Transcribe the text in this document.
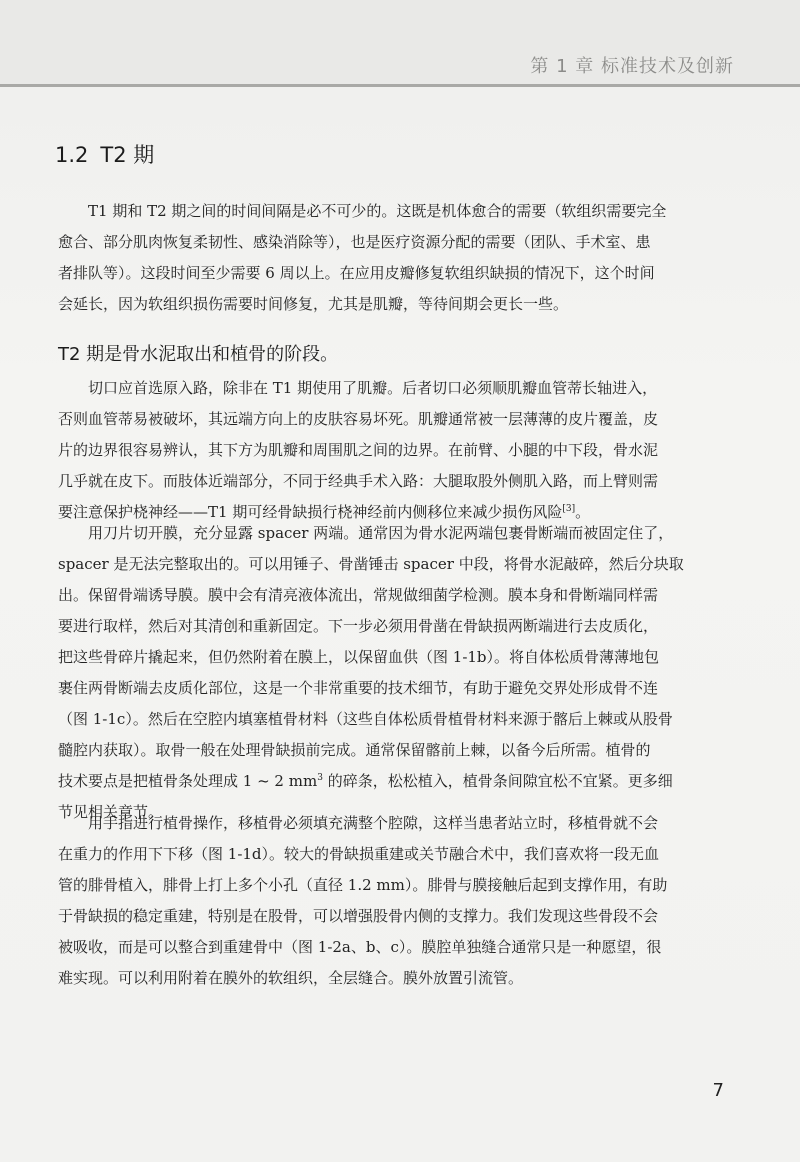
第 1 章 标准技术及创新
1.2 T2 期
T1 期和 T2 期之间的时间间隔是必不可少的。这既是机体愈合的需要（软组织需要完全
愈合、部分肌肉恢复柔韧性、感染消除等），也是医疗资源分配的需要（团队、手术室、患
者排队等）。这段时间至少需要 6 周以上。在应用皮瓣修复软组织缺损的情况下，这个时间
会延长，因为软组织损伤需要时间修复，尤其是肌瓣，等待间期会更长一些。
T2 期是骨水泥取出和植骨的阶段。
切口应首选原入路，除非在 T1 期使用了肌瓣。后者切口必须顺肌瓣血管蒂长轴进入，
否则血管蒂易被破坏，其远端方向上的皮肤容易坏死。肌瓣通常被一层薄薄的皮片覆盖，皮
片的边界很容易辨认，其下方为肌瓣和周围肌之间的边界。在前臂、小腿的中下段，骨水泥
几乎就在皮下。而肢体近端部分，不同于经典手术入路：大腿取股外侧肌入路，而上臂则需
要注意保护桡神经——T1 期可经骨缺损行桡神经前内侧移位来减少损伤风险[3]。
用刀片切开膜，充分显露 spacer 两端。通常因为骨水泥两端包裹骨断端而被固定住了，
spacer 是无法完整取出的。可以用锤子、骨凿锤击 spacer 中段，将骨水泥敲碎，然后分块取
出。保留骨端诱导膜。膜中会有清亮液体流出，常规做细菌学检测。膜本身和骨断端同样需
要进行取样，然后对其清创和重新固定。下一步必须用骨凿在骨缺损两断端进行去皮质化，
把这些骨碎片撬起来，但仍然附着在膜上，以保留血供（图 1-1b）。将自体松质骨薄薄地包
裹住两骨断端去皮质化部位，这是一个非常重要的技术细节，有助于避免交界处形成骨不连
（图 1-1c）。然后在空腔内填塞植骨材料（这些自体松质骨植骨材料来源于髂后上棘或从股骨
髓腔内获取）。取骨一般在处理骨缺损前完成。通常保留髂前上棘，以备今后所需。植骨的
技术要点是把植骨条处理成 1 ~ 2 $mm^3$ 的碎条，松松植入，植骨条间隙宜松不宜紧。更多细
节见相关章节。
用手指进行植骨操作，移植骨必须填充满整个腔隙，这样当患者站立时，移植骨就不会
在重力的作用下下移（图 1-1d）。较大的骨缺损重建或关节融合术中，我们喜欢将一段无血
管的腓骨植入，腓骨上打上多个小孔（直径 1.2 mm）。腓骨与膜接触后起到支撑作用，有助
于骨缺损的稳定重建，特别是在股骨，可以增强股骨内侧的支撑力。我们发现这些骨段不会
被吸收，而是可以整合到重建骨中（图 1-2a、b、c）。膜腔单独缝合通常只是一种愿望，很
难实现。可以利用附着在膜外的软组织，全层缝合。膜外放置引流管。
7
